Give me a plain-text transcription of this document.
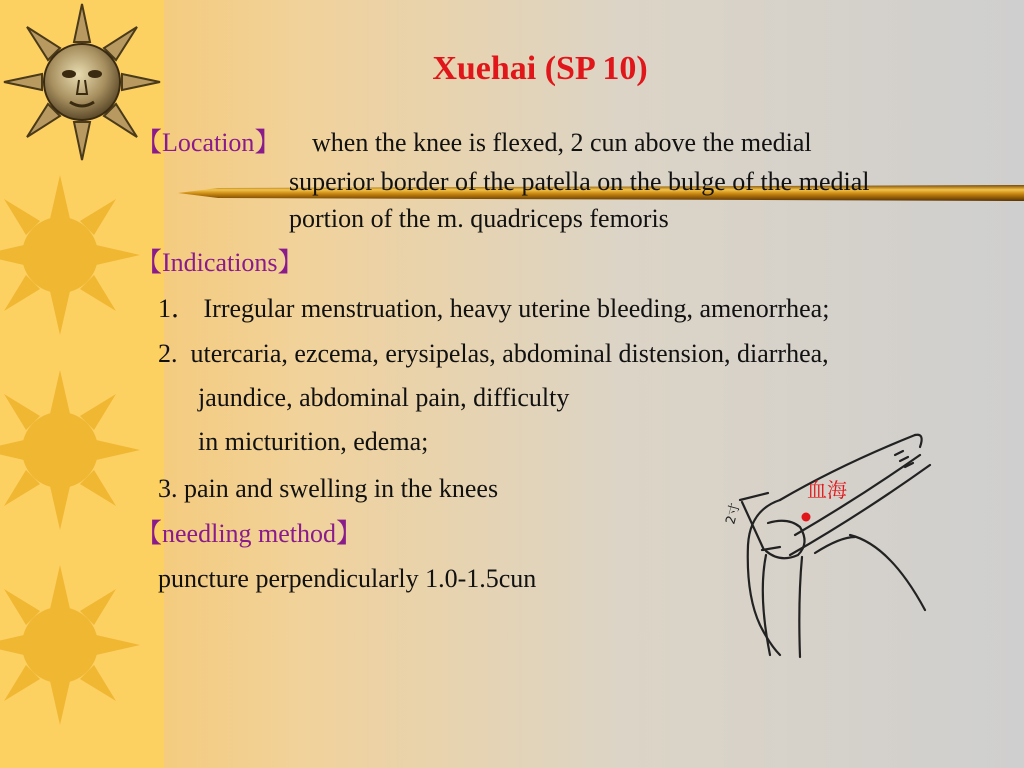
Xuehai (SP 10)
【Location】 when the knee is flexed, 2 cun above the medial
superior border of the patella on the bulge of the medial
portion of the m. quadriceps femoris
【Indications】
1． Irregular menstruation, heavy uterine bleeding, amenorrhea;
2. utercaria, ezcema, erysipelas, abdominal distension, diarrhea,
jaundice, abdominal pain, difficulty
in micturition, edema;
3. pain and swelling in the knees
【needling method】
puncture perpendicularly 1.0-1.5cun
血海
2寸
